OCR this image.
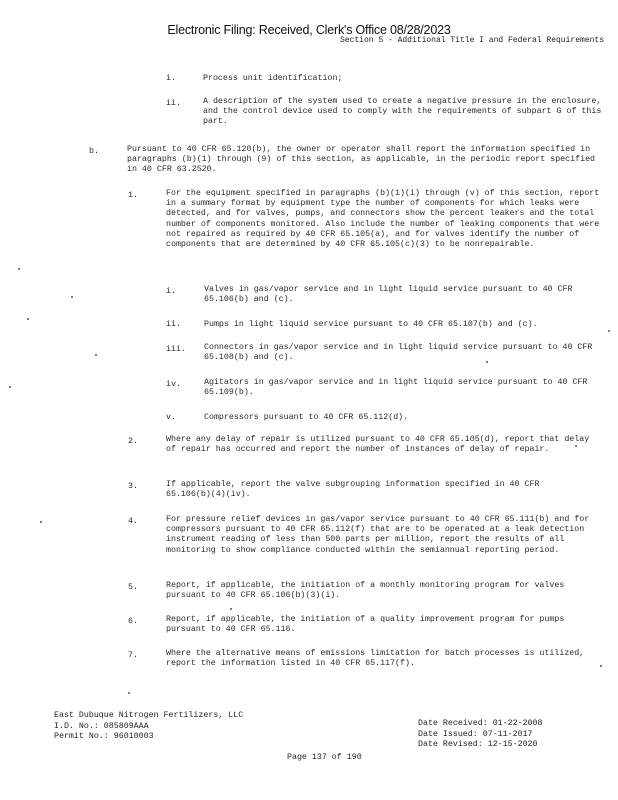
Electronic Filing: Received, Clerk's Office 08/28/2023
Section 5 - Additional Title I and Federal Requirements
i.	Process unit identification;
ii.	A description of the system used to create a negative pressure in the enclosure, and the control device used to comply with the requirements of subpart G of this part.
b.	Pursuant to 40 CFR 65.120(b), the owner or operator shall report the information specified in paragraphs (b)(1) through (9) of this section, as applicable, in the periodic report specified in 40 CFR 63.2520.
1.	For the equipment specified in paragraphs (b)(1)(i) through (v) of this section, report in a summary format by equipment type the number of components for which leaks were detected, and for valves, pumps, and connectors show the percent leakers and the total number of components monitored. Also include the number of leaking components that were not repaired as required by 40 CFR 65.105(a), and for valves identify the number of components that are determined by 40 CFR 65.105(c)(3) to be nonrepairable.
i.	Valves in gas/vapor service and in light liquid service pursuant to 40 CFR 65.106(b) and (c).
ii.	Pumps in light liquid service pursuant to 40 CFR 65.107(b) and (c).
iii. Connectors in gas/vapor service and in light liquid service pursuant to 40 CFR 65.108(b) and (c).
iv.	Agitators in gas/vapor service and in light liquid service pursuant to 40 CFR 65.109(b).
v.	Compressors pursuant to 40 CFR 65.112(d).
2.	Where any delay of repair is utilized pursuant to 40 CFR 65.105(d), report that delay of repair has occurred and report the number of instances of delay of repair.
3.	If applicable, report the valve subgrouping information specified in 40 CFR 65.106(b)(4)(iv).
4.	For pressure relief devices in gas/vapor service pursuant to 40 CFR 65.111(b) and for compressors pursuant to 40 CFR 65.112(f) that are to be operated at a leak detection instrument reading of less than 500 parts per million, report the results of all monitoring to show compliance conducted within the semiannual reporting period.
5.	Report, if applicable, the initiation of a monthly monitoring program for valves pursuant to 40 CFR 65.106(b)(3)(i).
6.	Report, if applicable, the initiation of a quality improvement program for pumps pursuant to 40 CFR 65.116.
7.	Where the alternative means of emissions limitation for batch processes is utilized, report the information listed in 40 CFR 65.117(f).
East Dubuque Nitrogen Fertilizers, LLC
I.D. No.: 085809AAA
Permit No.: 96010003
Date Received: 01-22-2008
Date Issued: 07-11-2017
Date Revised: 12-15-2020
Page 137 of 190
